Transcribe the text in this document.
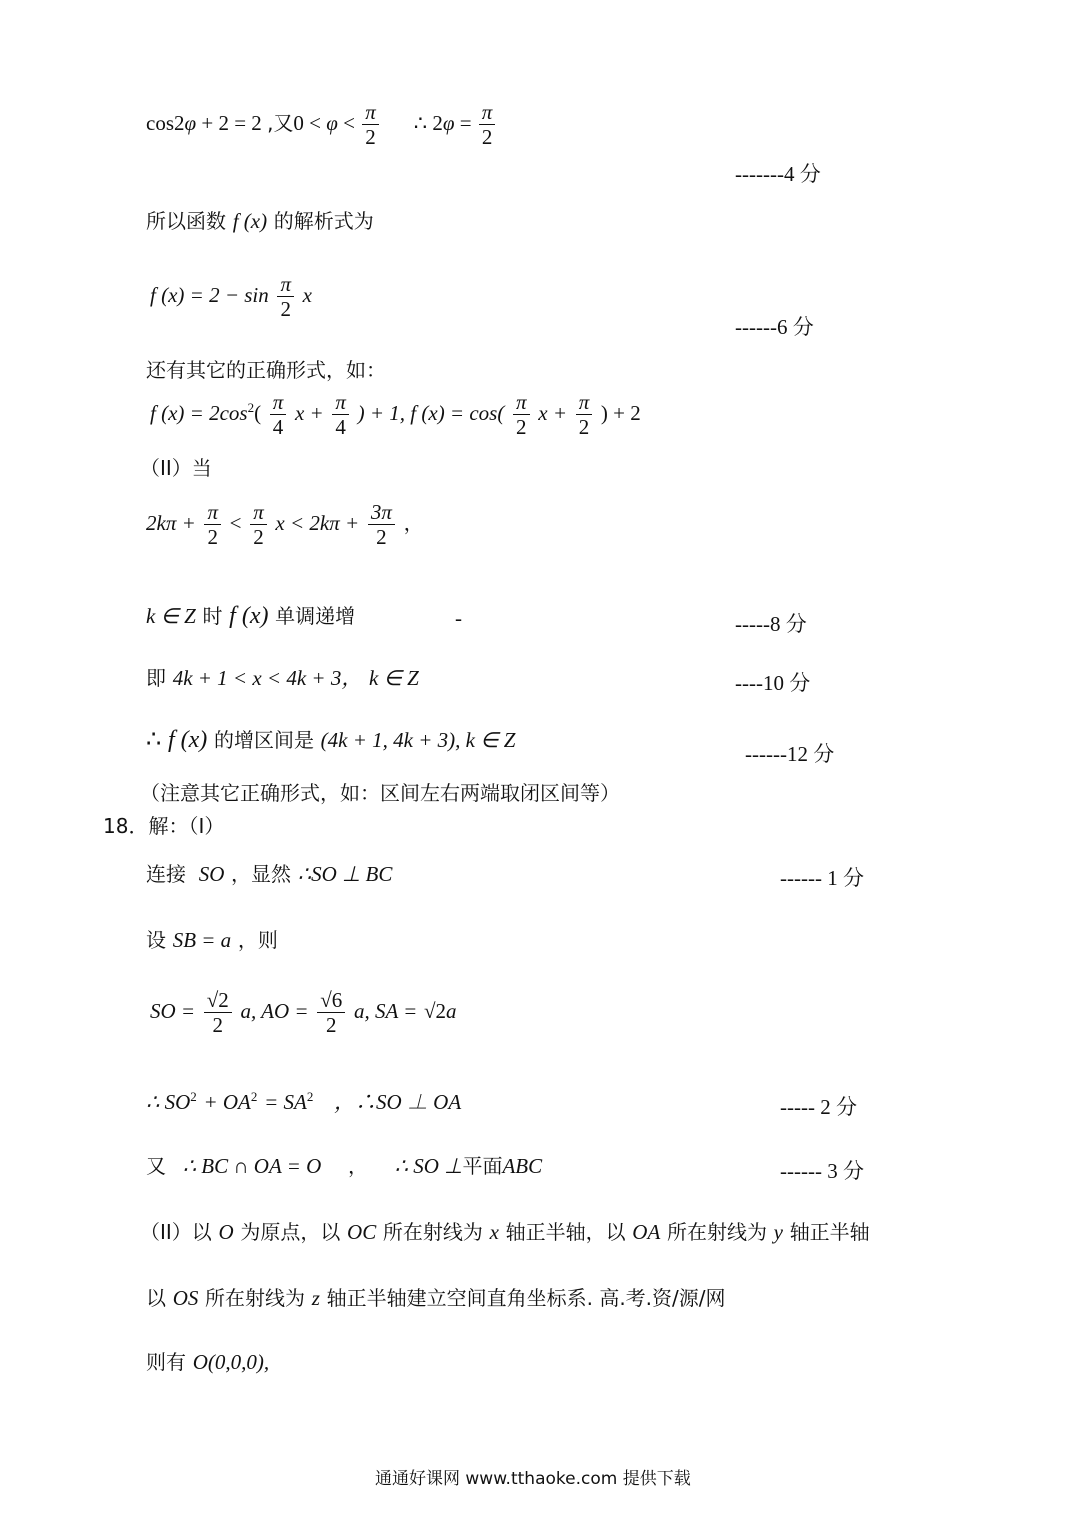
cos2φ + 2 = 2 ,又$0 < \varphi < \frac{\pi}{2}$ ∴ $2\varphi = \frac{\pi}{2}$
-------4 分
所以函数 f (x) 的解析式为
f $(x) = 2 - \sin \frac{\pi}{2}$ x
------6 分
还有其它的正确形式，如：
f $(x) = 2\cos^2( \frac{\pi}{4}$ $x + \frac{\pi}{4}$ ) + 1, f $(x) = \cos( \frac{\pi}{2}$ $x + \frac{\pi}{2}$ ) + 2
（II）当
$2k\pi + \frac{\pi}{2} < \frac{\pi}{2}$ $x < 2k\pi + \frac{3\pi}{2}$ ，
k ∈ Z 时 f (x) 单调递增	-	-----8 分
即 4k + 1 < x < 4k + 3， k ∈ Z	----10 分
∴ f (x) 的增区间是 (4k + 1, 4k + 3), k ∈ Z
------12 分
（注意其它正确形式，如：区间左右两端取闭区间等）
18．解：（I）
连接 SO ，显然 ∴SO ⊥ BC	------ 1 分
设 SB = a ，则
SO = $\frac{√2}{2} a$, AO = $\frac{√6}{2} a$, SA = √2a
∴ $SO^2 + OA^2 = SA^2$ ，∴SO ⊥ OA	----- 2 分
又 ∴ BC ∩ OA = O ， ∴ SO ⊥平面ABC	------ 3 分
（II）以 O 为原点，以 OC 所在射线为 x 轴正半轴，以 OA 所在射线为 y 轴正半轴
以 OS 所在射线为 z 轴正半轴建立空间直角坐标系. 高.考.资/源/网
则有 O(0,0,0),
通通好课网 www.tthaoke.com 提供下载
